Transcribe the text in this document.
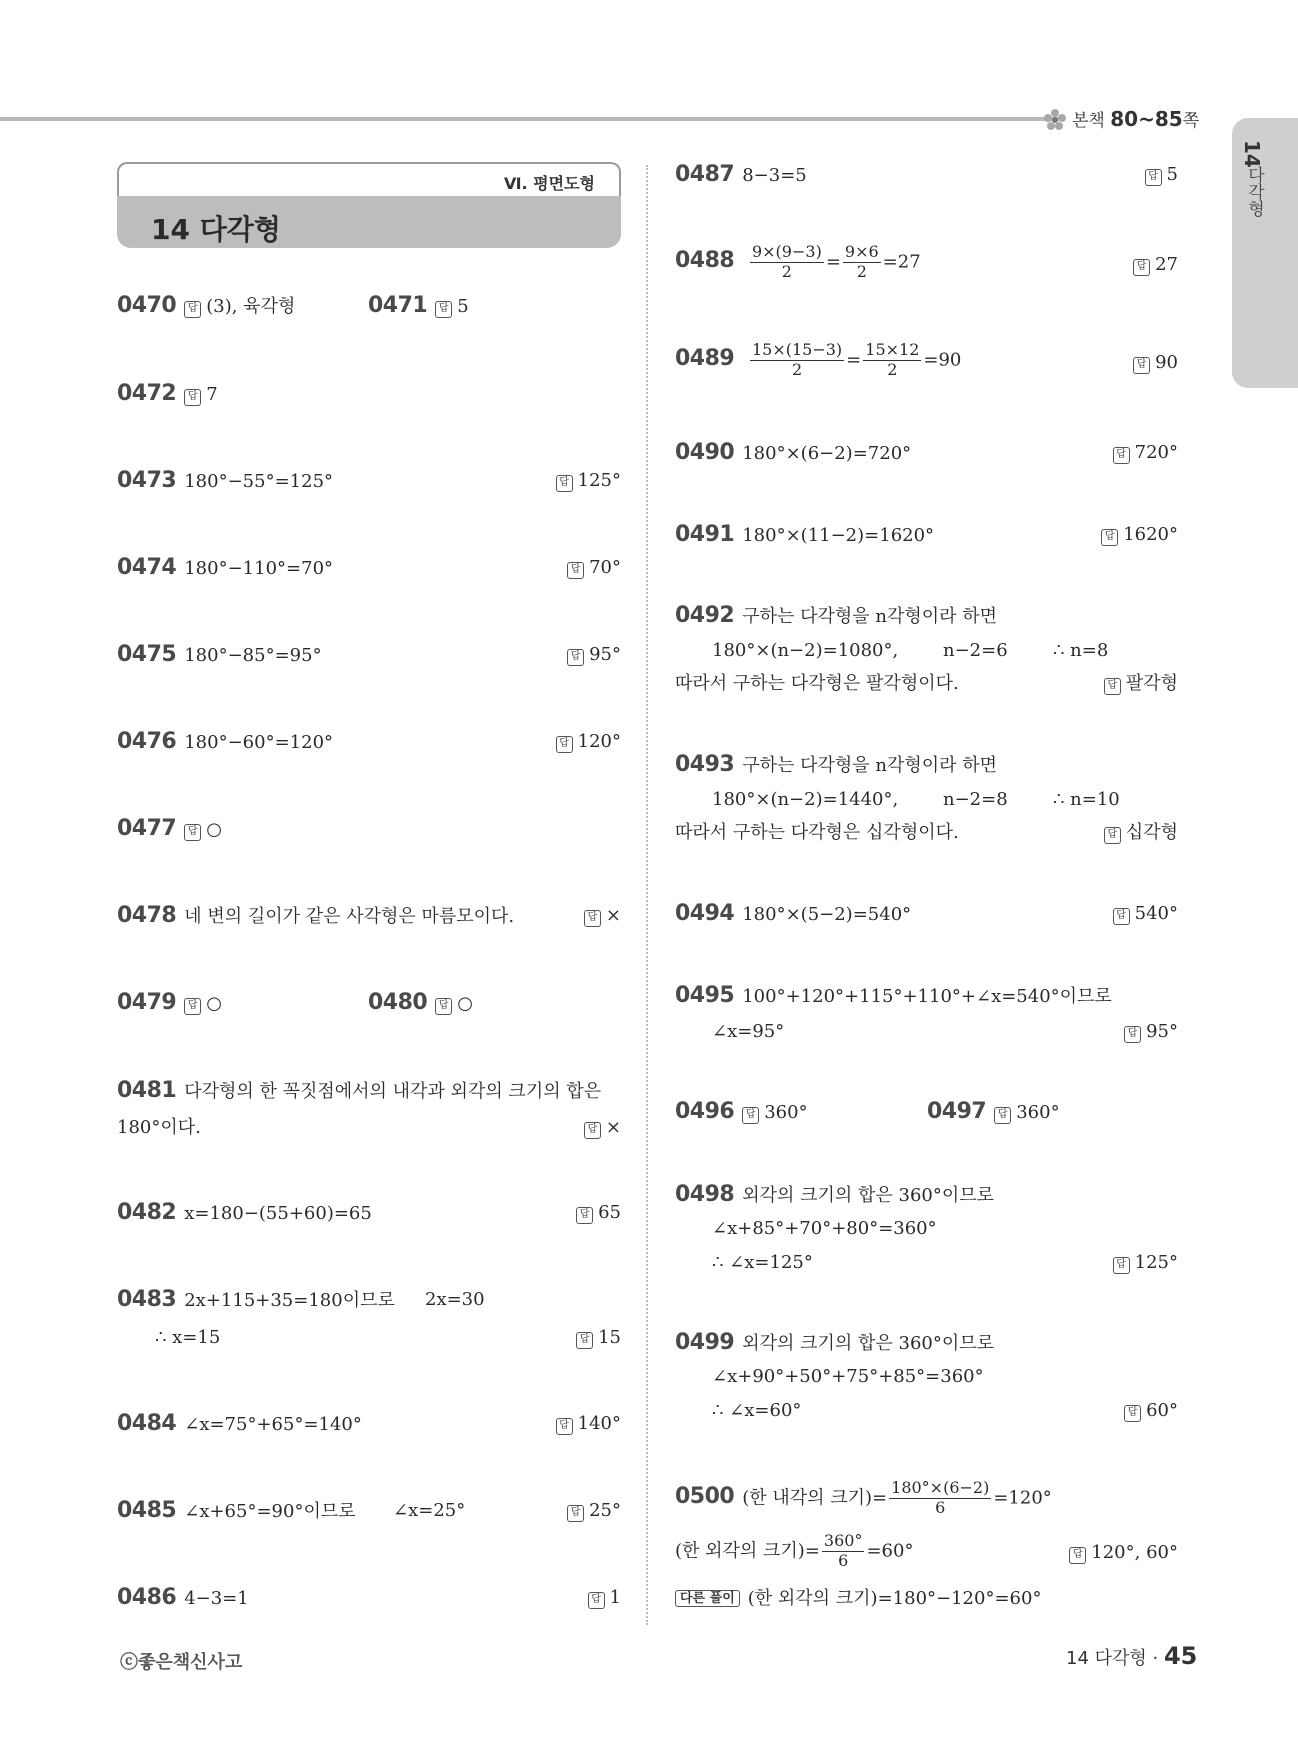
본책 80~85쪽
14
다각형
Ⅵ. 평면도형
14 다각형
0470 답 (3), 육각형	0471 답 5
0472 답 7
0473 180°−55°=125°	답 125°
0474 180°−110°=70°	답 70°
0475 180°−85°=95°	답 95°
0476 180°−60°=120°	답 120°
0477 답 ○
0478 네 변의 길이가 같은 사각형은 마름모이다.	답 ×
0479 답 ○	0480 답 ○
0481 다각형의 한 꼭짓점에서의 내각과 외각의 크기의 합은
180°이다.	답 ×
0482 x=180−(55+60)=65	답 65
0483 2x+115+35=180이므로 2x=30
∴ x=15	답 15
0484 ∠x=75°+65°=140°	답 140°
0485 ∠x+65°=90°이므로 ∠x=25°	답 25°
0486 4−3=1	답 1
0487 8−3=5	답 5
$0488 \frac{9\times(9-3)}{2} = \frac{9\times 6}{2} =27$	답 27
$0489 \frac{15\times(15-3)}{2} = \frac{15\times 12}{2} =90$	답 90
0490 180°×(6−2)=720°	답 720°
0491 180°×(11−2)=1620°	답 1620°
0492 구하는 다각형을 n각형이라 하면
180°×(n−2)=1080°, n−2=6	∴ n=8
따라서 구하는 다각형은 팔각형이다.	답 팔각형
0493 구하는 다각형을 n각형이라 하면
180°×(n−2)=1440°, n−2=8	∴ n=10
따라서 구하는 다각형은 십각형이다.	답 십각형
0494 180°×(5−2)=540°	답 540°
0495 100°+120°+115°+110°+∠x=540°이므로
∠x=95°	답 95°
0496 답 360°	0497 답 360°
0498 외각의 크기의 합은 360°이므로
∠x+85°+70°+80°=360°
∴ ∠x=125°	답 125°
0499 외각의 크기의 합은 360°이므로
∠x+90°+50°+75°+85°=360°
∴ ∠x=60°	답 60°
0500 (한 내각의 크기)= $\frac{180^\circ\times(6-2)}{6} =120^\circ$
(한 외각의 크기)= $\frac{360^\circ}{6} =60^\circ$	답 120°, 60°
다른 풀이 (한 외각의 크기)=180°−120°=60°
ⓒ좋은책신사고	14 다각형 · 45
